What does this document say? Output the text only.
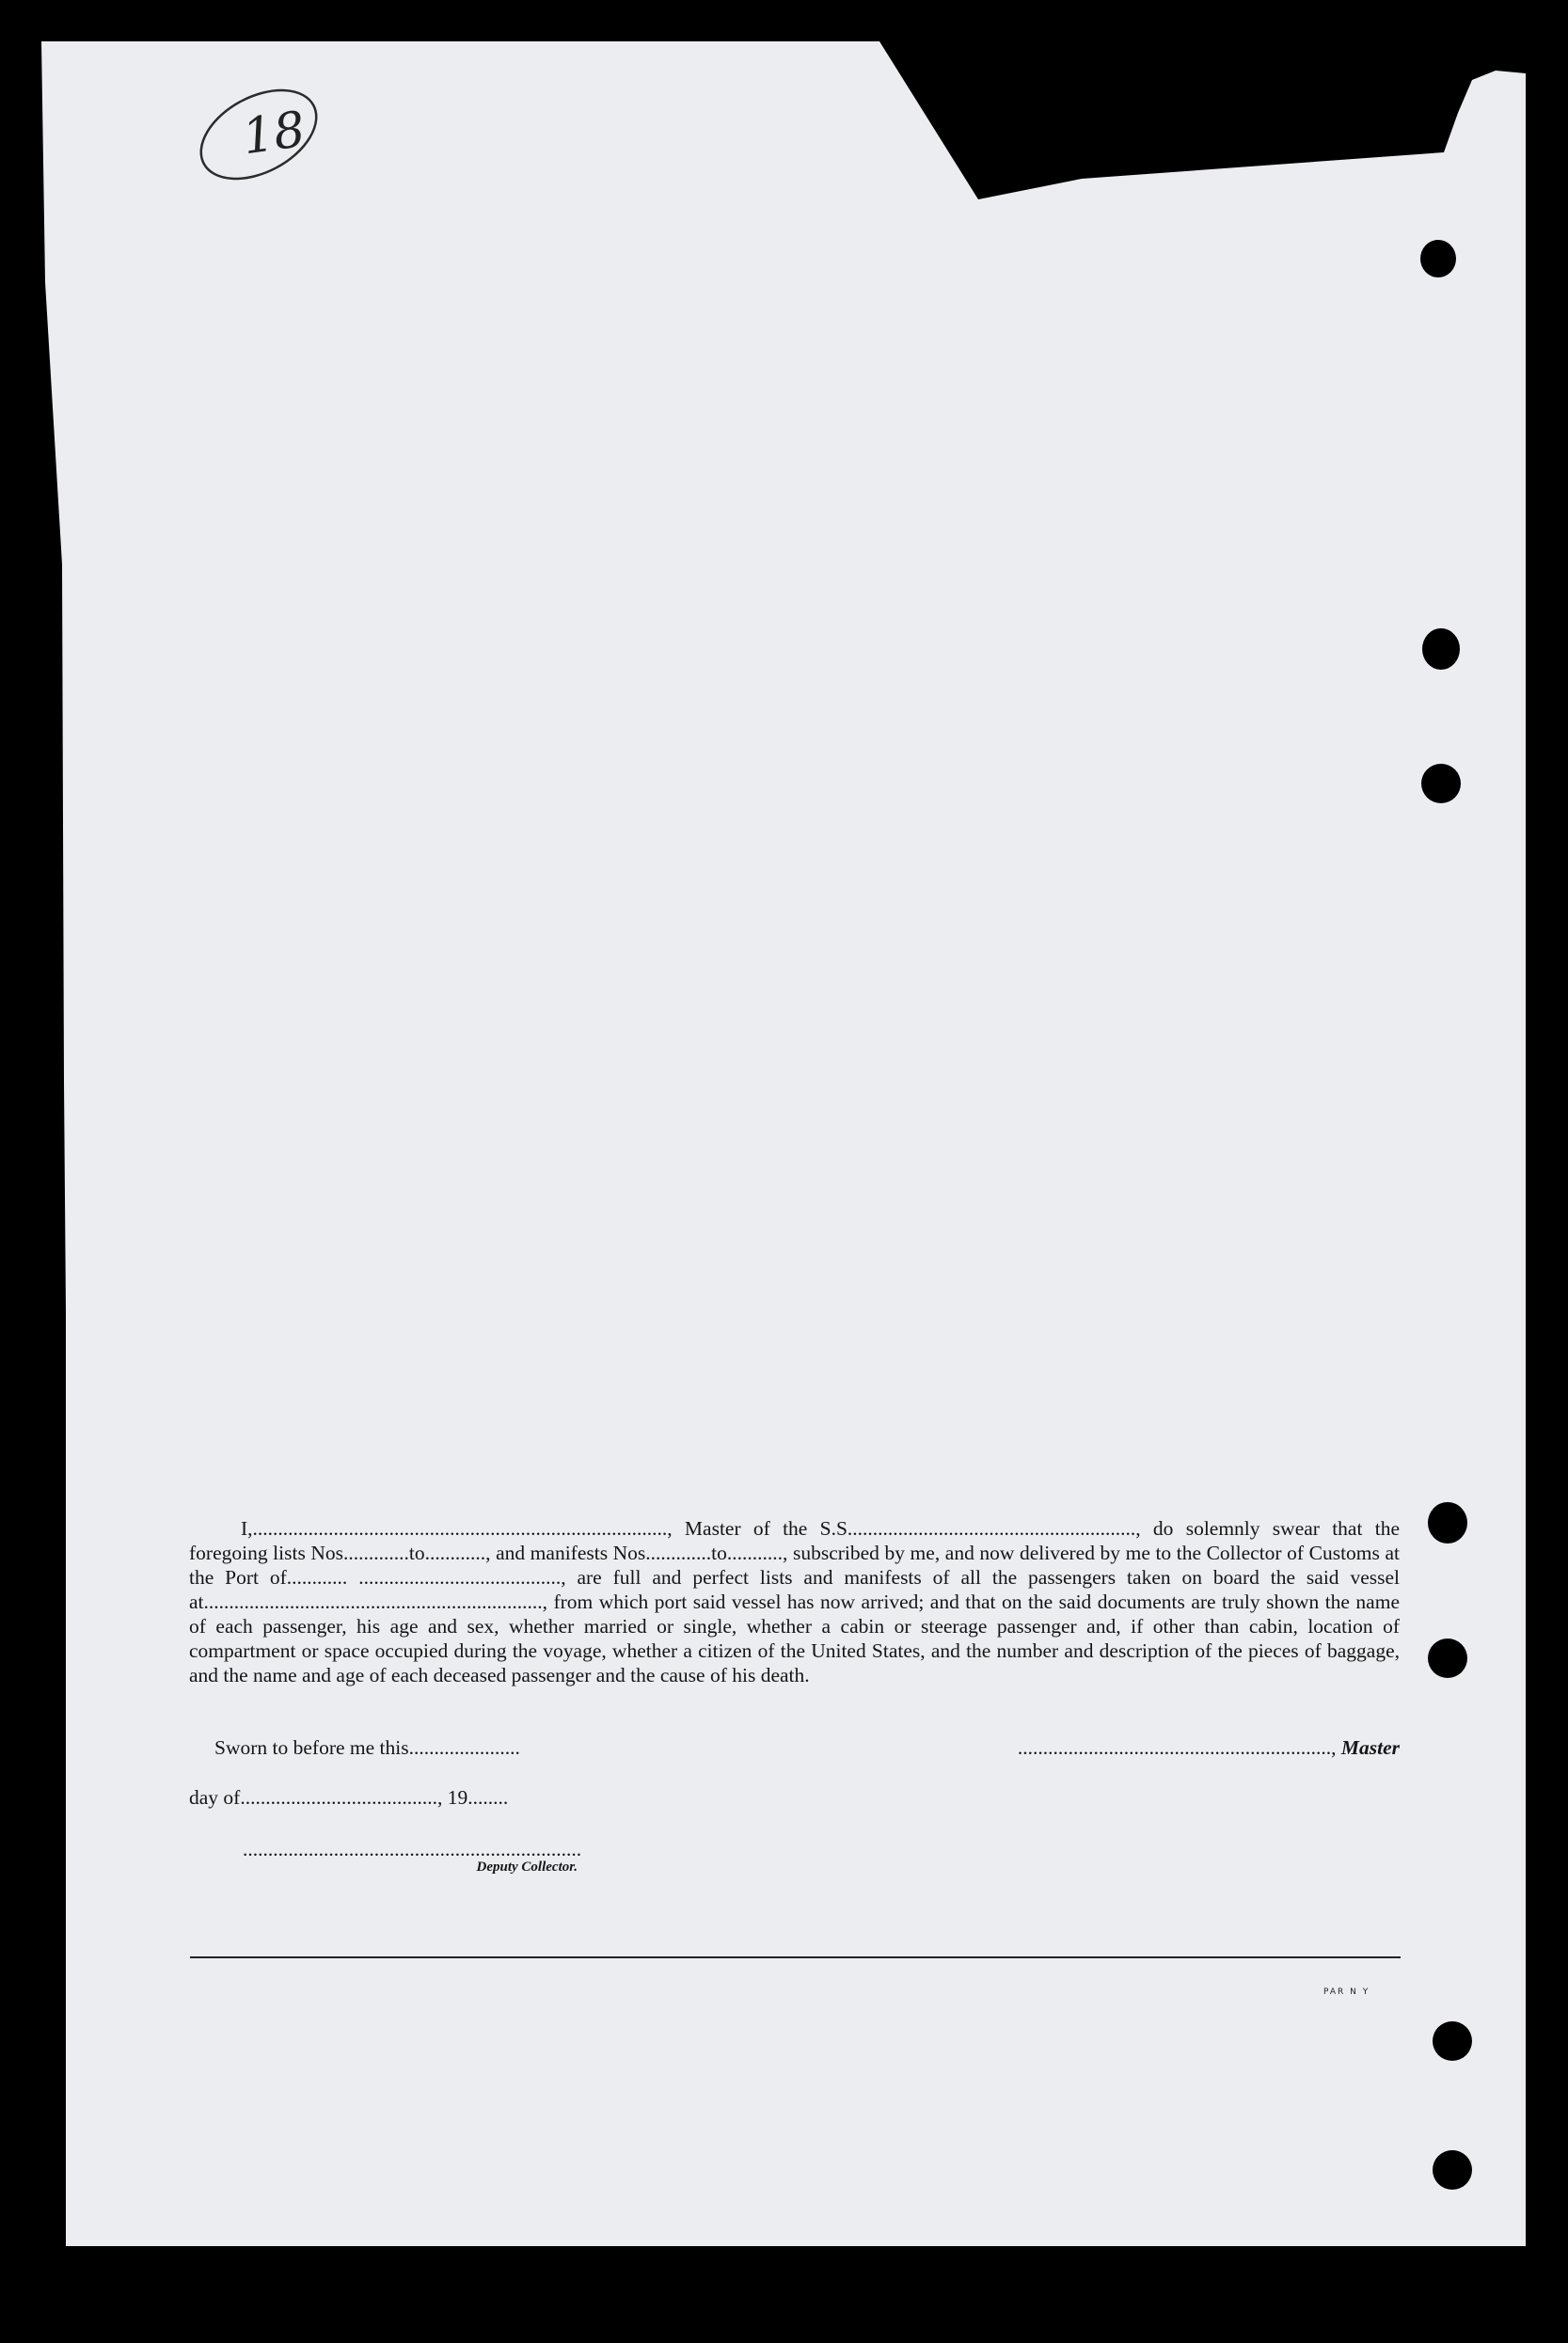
18

I,.................................................................................., Master of the S.S........................................................., do solemnly swear that the foregoing lists Nos.............to............, and manifests Nos.............to..........., subscribed by me, and now delivered by me to the Collector of Customs at the Port of............ ........................................, are full and perfect lists and manifests of all the passengers taken on board the said vessel at..................................................................., from which port said vessel has now arrived; and that on the said documents are truly shown the name of each passenger, his age and sex, whether married or single, whether a cabin or steerage passenger and, if other than cabin, location of compartment or space occupied during the voyage, whether a citizen of the United States, and the number and description of the pieces of baggage, and the name and age of each deceased passenger and the cause of his death.

Sworn to before me this......................	.............................................................., Master
day of......................................., 19........
...................................................................
Deputy Collector.
PAR N Y
